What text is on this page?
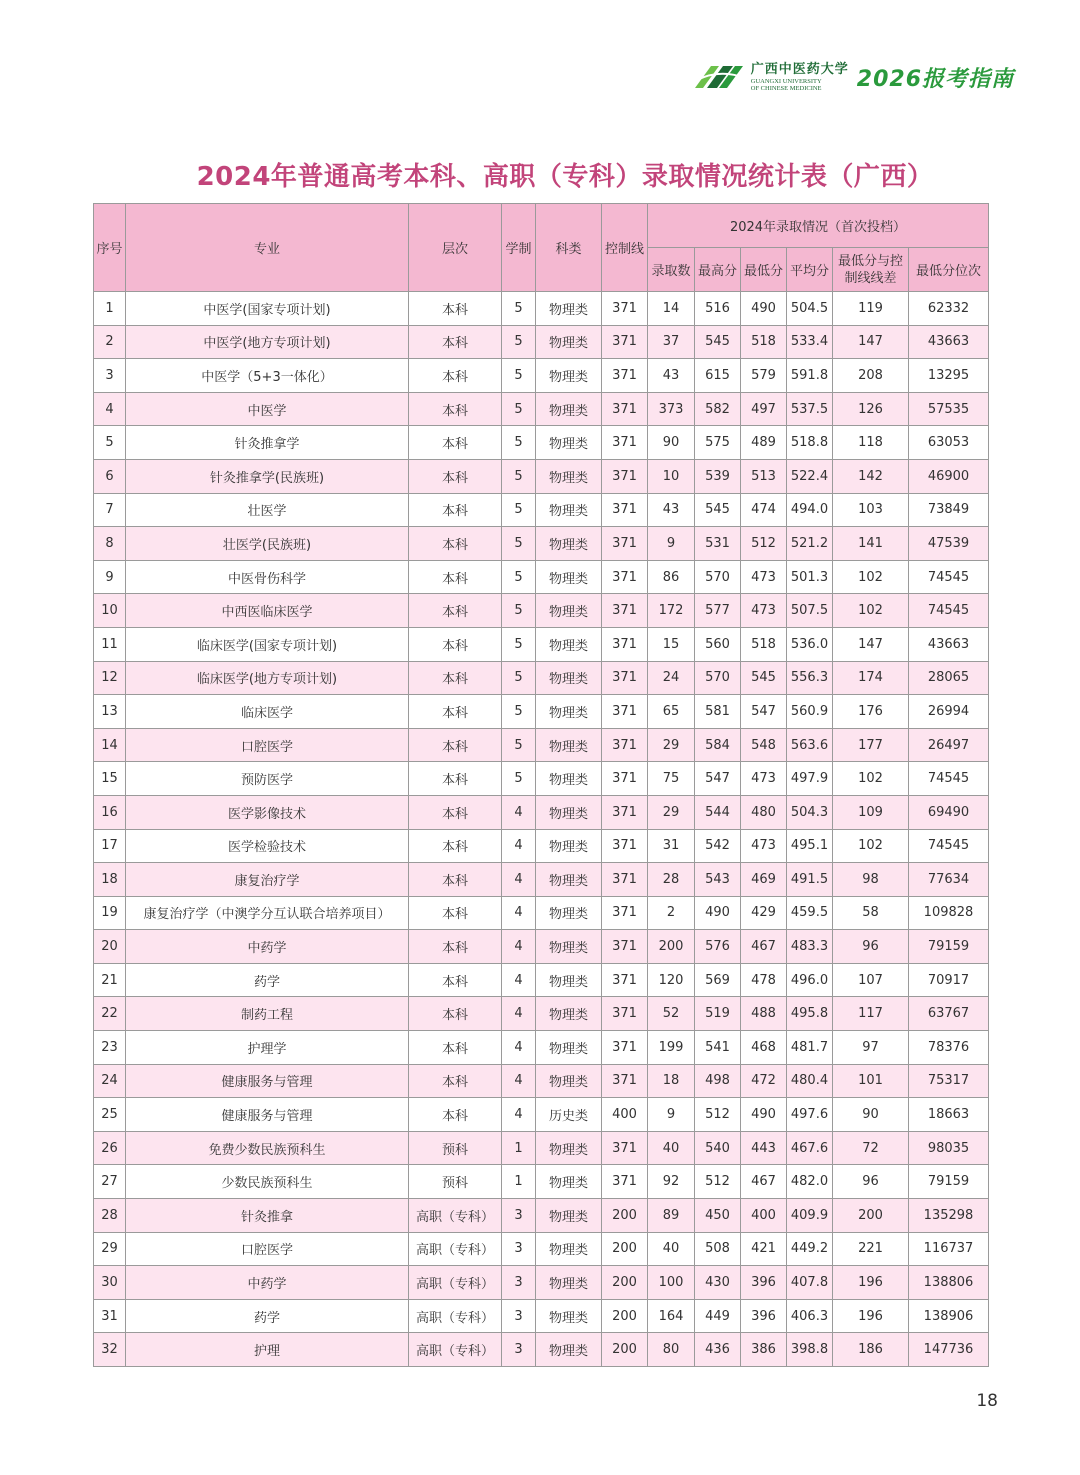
广西中医药大学
GUANGXI UNIVERSITY OF CHINESE MEDICINE	2026报考指南
2024年普通高考本科、高职（专科）录取情况统计表（广西）
序号	专业	层次	学制	科类	控制线	2024年录取情况（首次投档）					
						录取数	最高分	最低分	平均分	最低分与控制线线差	最低分位次
1	中医学(国家专项计划)	本科	5	物理类	371	14	516	490	504.5	119	62332
2	中医学(地方专项计划)	本科	5	物理类	371	37	545	518	533.4	147	43663
3	中医学（5+3一体化）	本科	5	物理类	371	43	615	579	591.8	208	13295
4	中医学	本科	5	物理类	371	373	582	497	537.5	126	57535
5	针灸推拿学	本科	5	物理类	371	90	575	489	518.8	118	63053
6	针灸推拿学(民族班)	本科	5	物理类	371	10	539	513	522.4	142	46900
7	壮医学	本科	5	物理类	371	43	545	474	494.0	103	73849
8	壮医学(民族班)	本科	5	物理类	371	9	531	512	521.2	141	47539
9	中医骨伤科学	本科	5	物理类	371	86	570	473	501.3	102	74545
10	中西医临床医学	本科	5	物理类	371	172	577	473	507.5	102	74545
11	临床医学(国家专项计划)	本科	5	物理类	371	15	560	518	536.0	147	43663
12	临床医学(地方专项计划)	本科	5	物理类	371	24	570	545	556.3	174	28065
13	临床医学	本科	5	物理类	371	65	581	547	560.9	176	26994
14	口腔医学	本科	5	物理类	371	29	584	548	563.6	177	26497
15	预防医学	本科	5	物理类	371	75	547	473	497.9	102	74545
16	医学影像技术	本科	4	物理类	371	29	544	480	504.3	109	69490
17	医学检验技术	本科	4	物理类	371	31	542	473	495.1	102	74545
18	康复治疗学	本科	4	物理类	371	28	543	469	491.5	98	77634
19	康复治疗学（中澳学分互认联合培养项目）	本科	4	物理类	371	2	490	429	459.5	58	109828
20	中药学	本科	4	物理类	371	200	576	467	483.3	96	79159
21	药学	本科	4	物理类	371	120	569	478	496.0	107	70917
22	制药工程	本科	4	物理类	371	52	519	488	495.8	117	63767
23	护理学	本科	4	物理类	371	199	541	468	481.7	97	78376
24	健康服务与管理	本科	4	物理类	371	18	498	472	480.4	101	75317
25	健康服务与管理	本科	4	历史类	400	9	512	490	497.6	90	18663
26	免费少数民族预科生	预科	1	物理类	371	40	540	443	467.6	72	98035
27	少数民族预科生	预科	1	物理类	371	92	512	467	482.0	96	79159
28	针灸推拿	高职（专科）	3	物理类	200	89	450	400	409.9	200	135298
29	口腔医学	高职（专科）	3	物理类	200	40	508	421	449.2	221	116737
30	中药学	高职（专科）	3	物理类	200	100	430	396	407.8	196	138806
31	药学	高职（专科）	3	物理类	200	164	449	396	406.3	196	138906
32	护理	高职（专科）	3	物理类	200	80	436	386	398.8	186	147736
18
